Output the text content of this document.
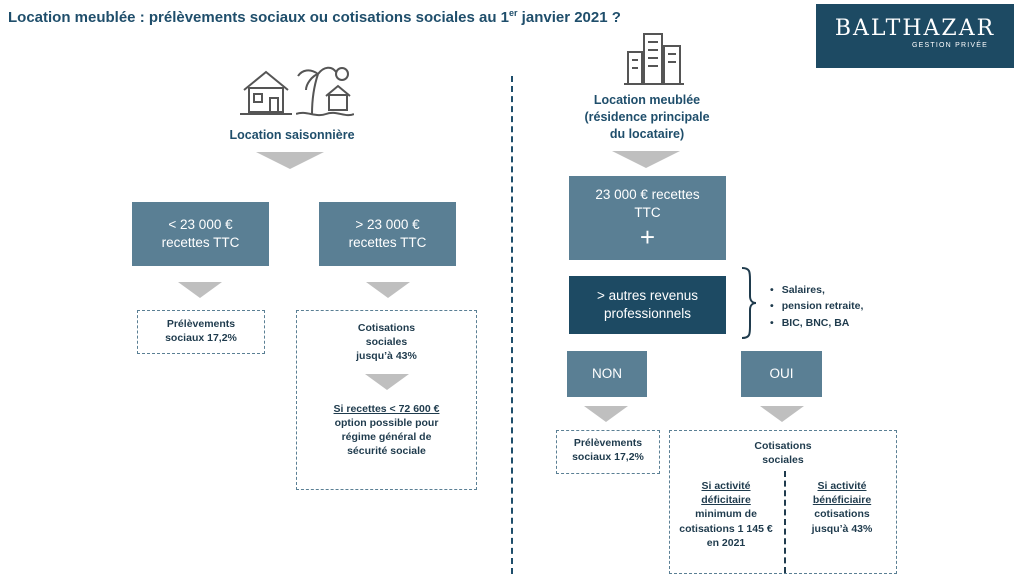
Location meublée : prélèvements sociaux ou cotisations sociales au 1er janvier 2021 ?	BALTHAZAR
GESTION PRIVÉE
Location saisonnière
< 23 000 €
recettes TTC
> 23 000 €
recettes TTC
Prélèvements
sociaux 17,2%
Cotisations
sociales
jusqu’à 43%
Si recettes < 72 600 €
option possible pour
régime général de
sécurité sociale
Location meublée
(résidence principale
du locataire)
23 000 € recettes
TTC
+
> autres revenus
professionnels
• Salaires,
• pension retraite,
• BIC, BNC, BA
NON	OUI
Prélèvements
sociaux 17,2%
Cotisations
sociales
Si activité
déficitaire
minimum de
cotisations 1 145 €
en 2021
Si activité
bénéficiaire
cotisations
jusqu’à 43%
